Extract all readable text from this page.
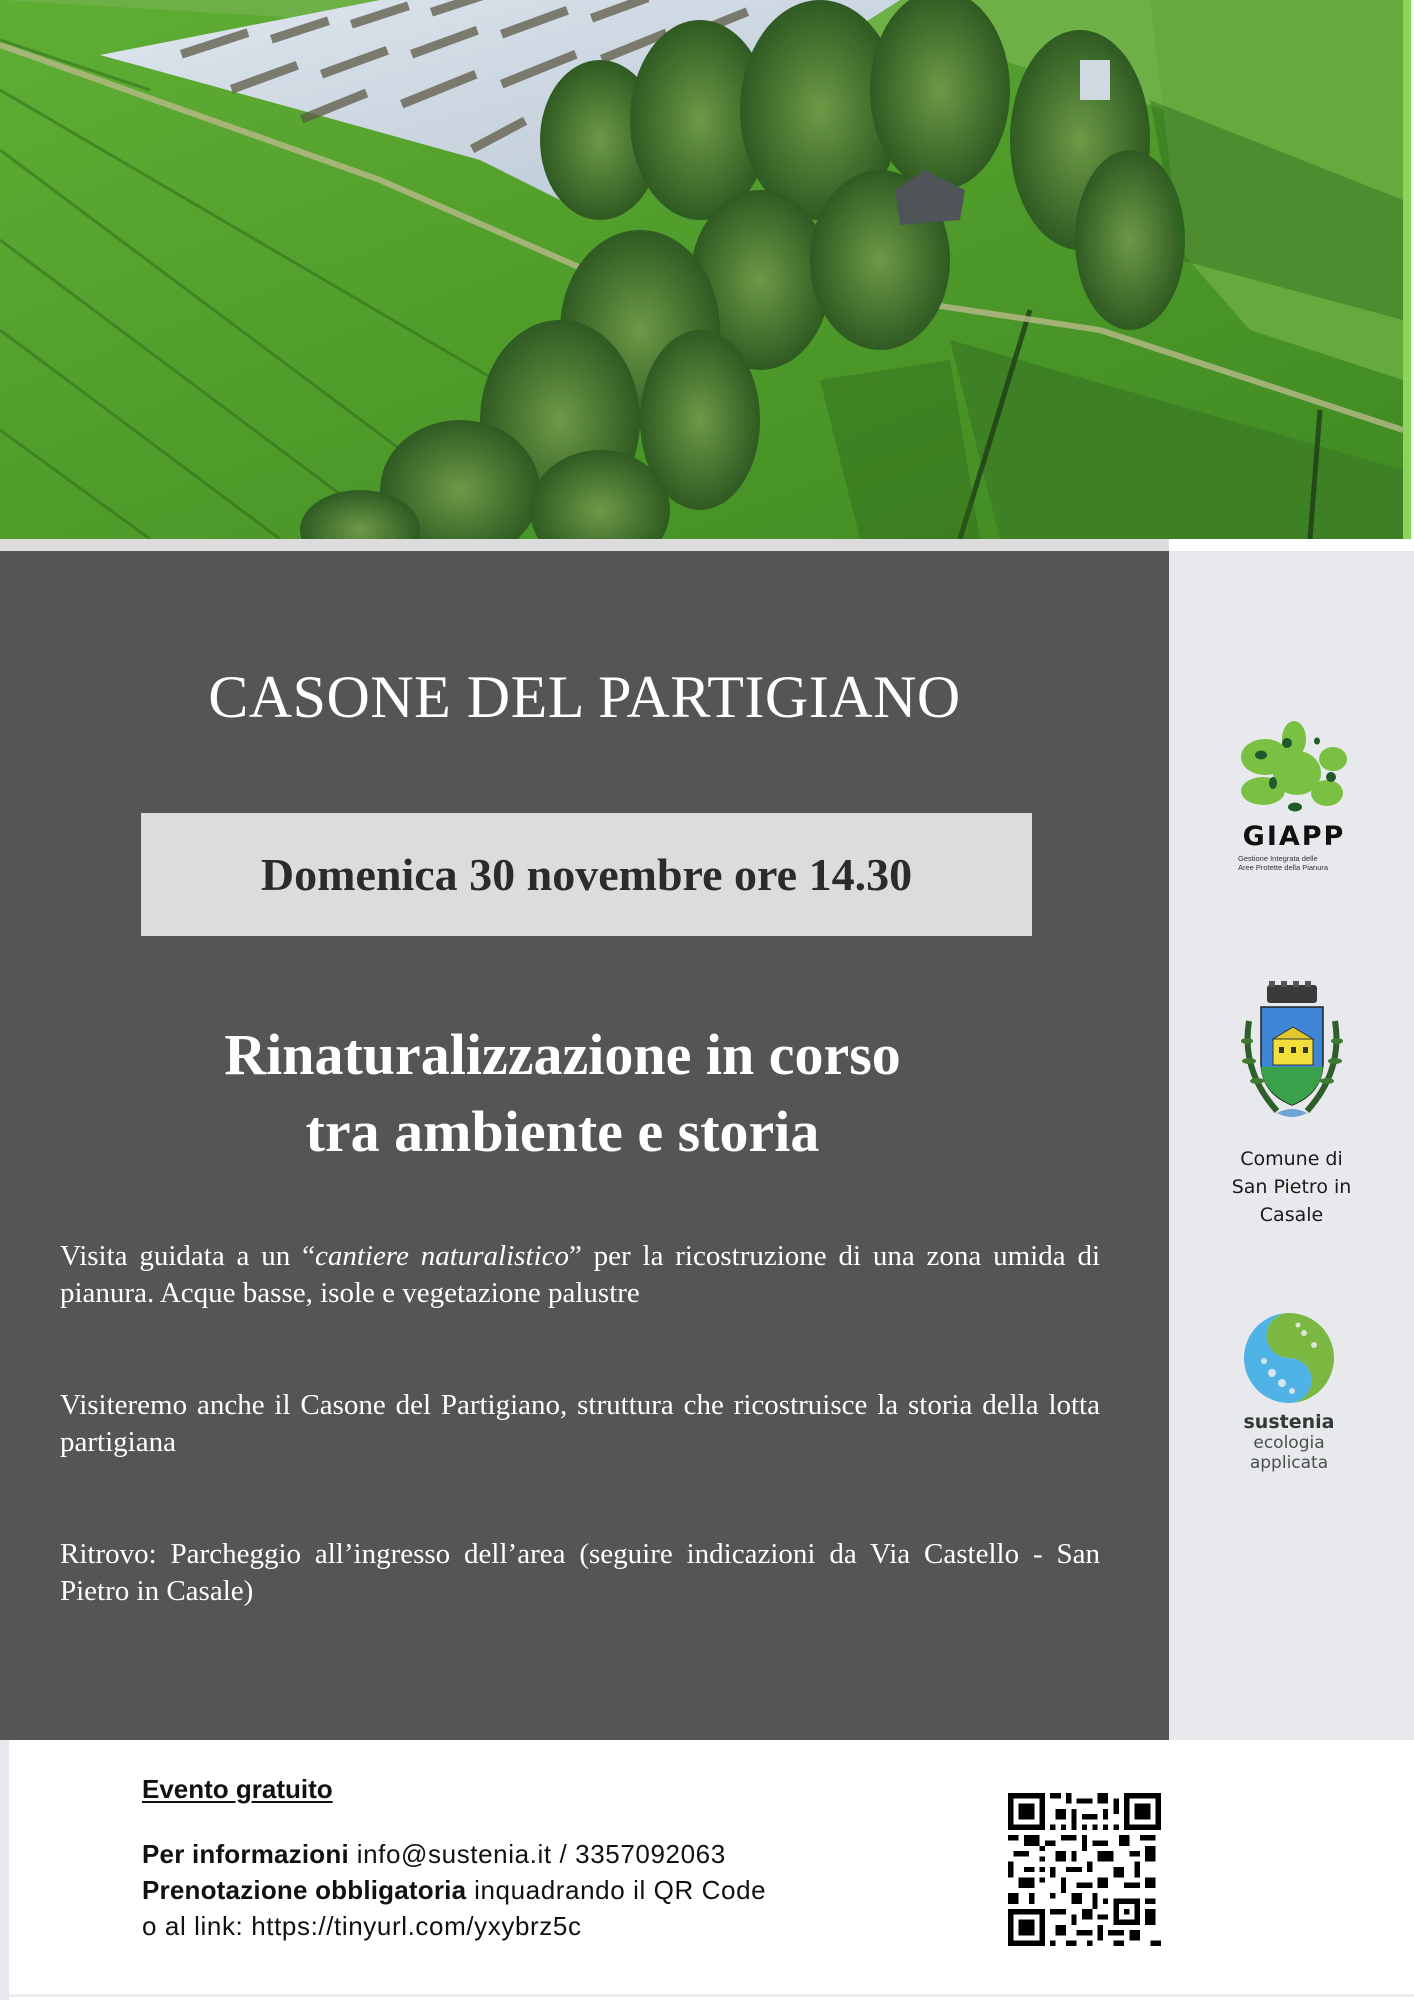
CASONE DEL PARTIGIANO
Domenica 30 novembre ore 14.30
Rinaturalizzazione in corso
tra ambiente e storia

Visita guidata a un “cantiere naturalistico” per la ricostruzione di una zona umida di pianura. Acque basse, isole e vegetazione palustre

Visiteremo anche il Casone del Partigiano, struttura che ricostruisce la storia della lotta partigiana

Ritrovo: Parcheggio all’ingresso dell’area (seguire indicazioni da Via Castello - San Pietro in Casale)

GIAPP
Gestione Integrata delle
Aree Protette della Pianura
Comune di
San Pietro in
Casale
sustenia
ecologia
applicata
Evento gratuito
Per informazioni info@sustenia.it / 3357092063
Prenotazione obbligatoria inquadrando il QR Code
o al link: https://tinyurl.com/yxybrz5c
